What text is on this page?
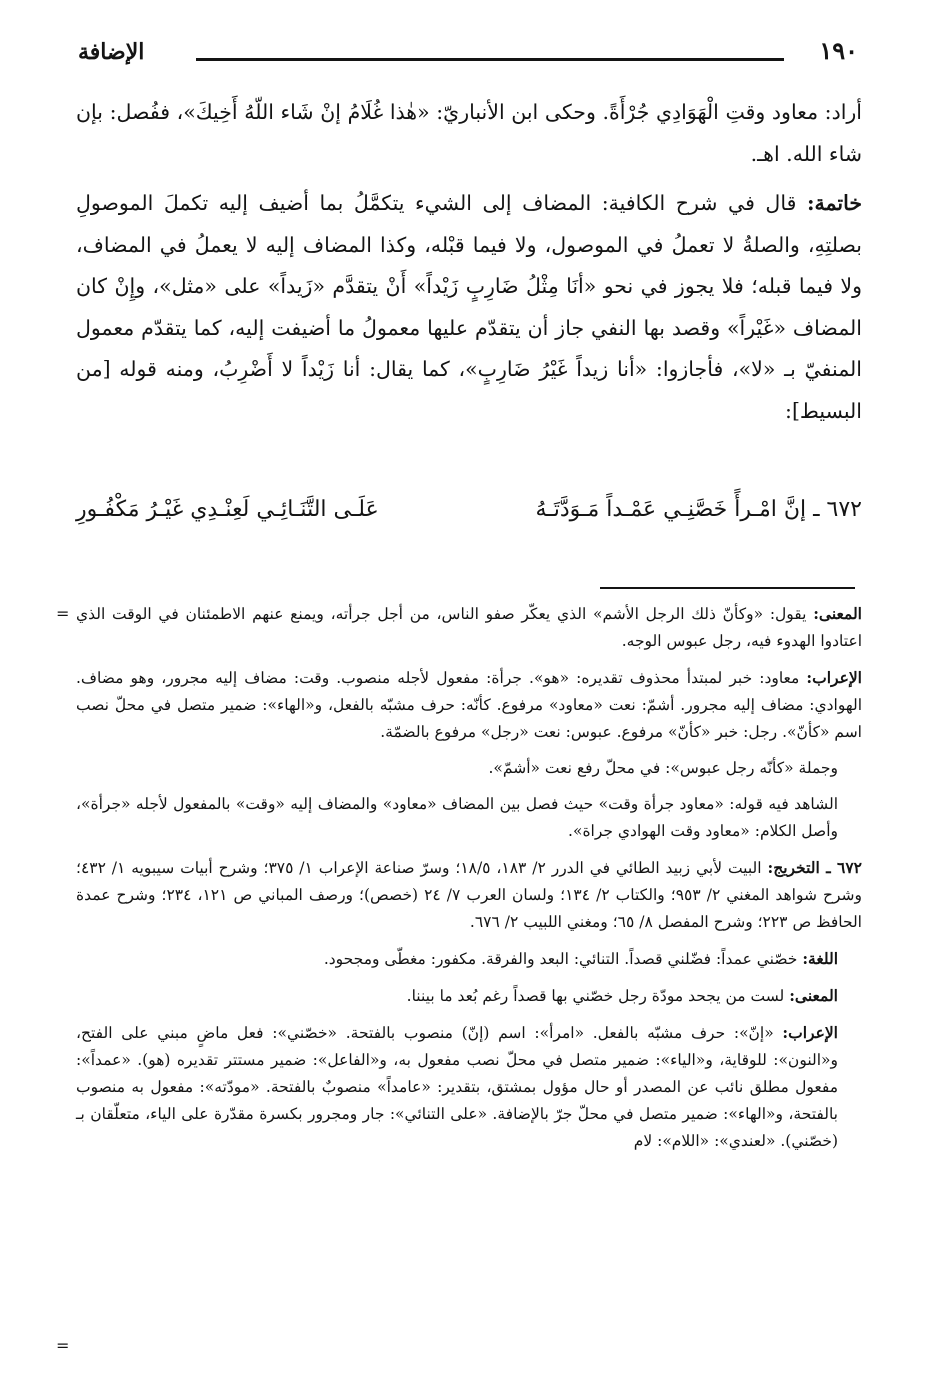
١٩٠
الإضافة

أراد: معاود وقتِ الْهَوَادِي جُرْأَةً. وحكى ابن الأنباريّ: «هٰذا غُلَامُ إنْ شَاء اللّهُ أَخِيكَ»، ففُصل: بإن شاء الله. اهـ.

خاتمة: قال في شرح الكافية: المضاف إلى الشيء يتكمَّلُ بما أضيف إليه تكملَ الموصولِ بصلتِهِ، والصلةُ لا تعملُ في الموصول، ولا فيما قبْله، وكذا المضاف إليه لا يعملُ في المضاف، ولا فيما قبله؛ فلا يجوز في نحو «أنَا مِثْلُ ضَارِبٍ زَيْداً» أَنْ يتقدَّم «زَيداً» على «مثل»، وإِنْ كان المضاف «غَيْراً» وقصد بها النفي جاز أن يتقدّم عليها معمولُ ما أضيفت إليه، كما يتقدّم معمول المنفيّ بـ «لا»، فأجازوا: «أنا زيداً غَيْرُ ضَارِبٍ»، كما يقال: أنا زَيْداً لا أَضْرِبُ، ومنه قوله [من البسيط]:

٦٧٢ ـ إنَّ امْـرأً خَصَّنِـي عَمْـداً مَـوَدَّتَـهُ
عَلَـى التَّنَـائِـي لَعِنْـدِي غَيْـرُ مَكْفُـورِ
=	المعنى: يقول: «وكأنّ ذلك الرجل الأشم» الذي يعكّر صفو الناس، من أجل جرأته، ويمنع عنهم الاطمئنان في الوقت الذي اعتادوا الهدوء فيه، رجل عبوس الوجه.

الإعراب: معاود: خبر لمبتدأ محذوف تقديره: «هو». جرأة: مفعول لأجله منصوب. وقت: مضاف إليه مجرور، وهو مضاف. الهوادي: مضاف إليه مجرور. أشمّ: نعت «معاود» مرفوع. كأنّه: حرف مشبّه بالفعل، و«الهاء»: ضمير متصل في محلّ نصب اسم «كأنّ». رجل: خبر «كأنّ» مرفوع. عبوس: نعت «رجل» مرفوع بالضمّة.

وجملة «كأنّه رجل عبوس»: في محلّ رفع نعت «أشمّ».

الشاهد فيه قوله: «معاود جرأة وقت» حيث فصل بين المضاف «معاود» والمضاف إليه «وقت» بالمفعول لأجله «جرأة»، وأصل الكلام: «معاود وقت الهوادي جراة».

٦٧٢ ـ التخريج: البيت لأبي زبيد الطائي في الدرر ٢/ ١٨٣، ١٨/٥؛ وسرّ صناعة الإعراب ١/ ٣٧٥؛ وشرح أبيات سيبويه ١/ ٤٣٢؛ وشرح شواهد المغني ٢/ ٩٥٣؛ والكتاب ٢/ ١٣٤؛ ولسان العرب ٧/ ٢٤ (خصص)؛ ورصف المباني ص ١٢١، ٢٣٤؛ وشرح عمدة الحافظ ص ٢٢٣؛ وشرح المفصل ٨/ ٦٥؛ ومغني اللبيب ٢/ ٦٧٦.

اللغة: خصّني عمداً: فضّلني قصداً. التنائي: البعد والفرقة. مكفور: مغطّى ومجحود.

المعنى: لست من يجحد مودّة رجل خصّني بها قصداً رغم بُعد ما بيننا.

الإعراب: «إنّ»: حرف مشبّه بالفعل. «امرأ»: اسم (إنّ) منصوب بالفتحة. «خصّني»: فعل ماضٍ مبني على الفتح، و«النون»: للوقاية، و«الياء»: ضمير متصل في محلّ نصب مفعول به، و«الفاعل»: ضمير مستتر تقديره (هو). «عمداً»: مفعول مطلق نائب عن المصدر أو حال مؤول بمشتق، بتقدير: «عامداً» منصوبٌ بالفتحة. «مودّته»: مفعول به منصوب بالفتحة، و«الهاء»: ضمير متصل في محلّ جرّ بالإضافة. «على التنائي»: جار ومجرور بكسرة مقدّرة على الياء، متعلّقان بـ (خصّني). «لعندي»: «اللام»: لام

=
